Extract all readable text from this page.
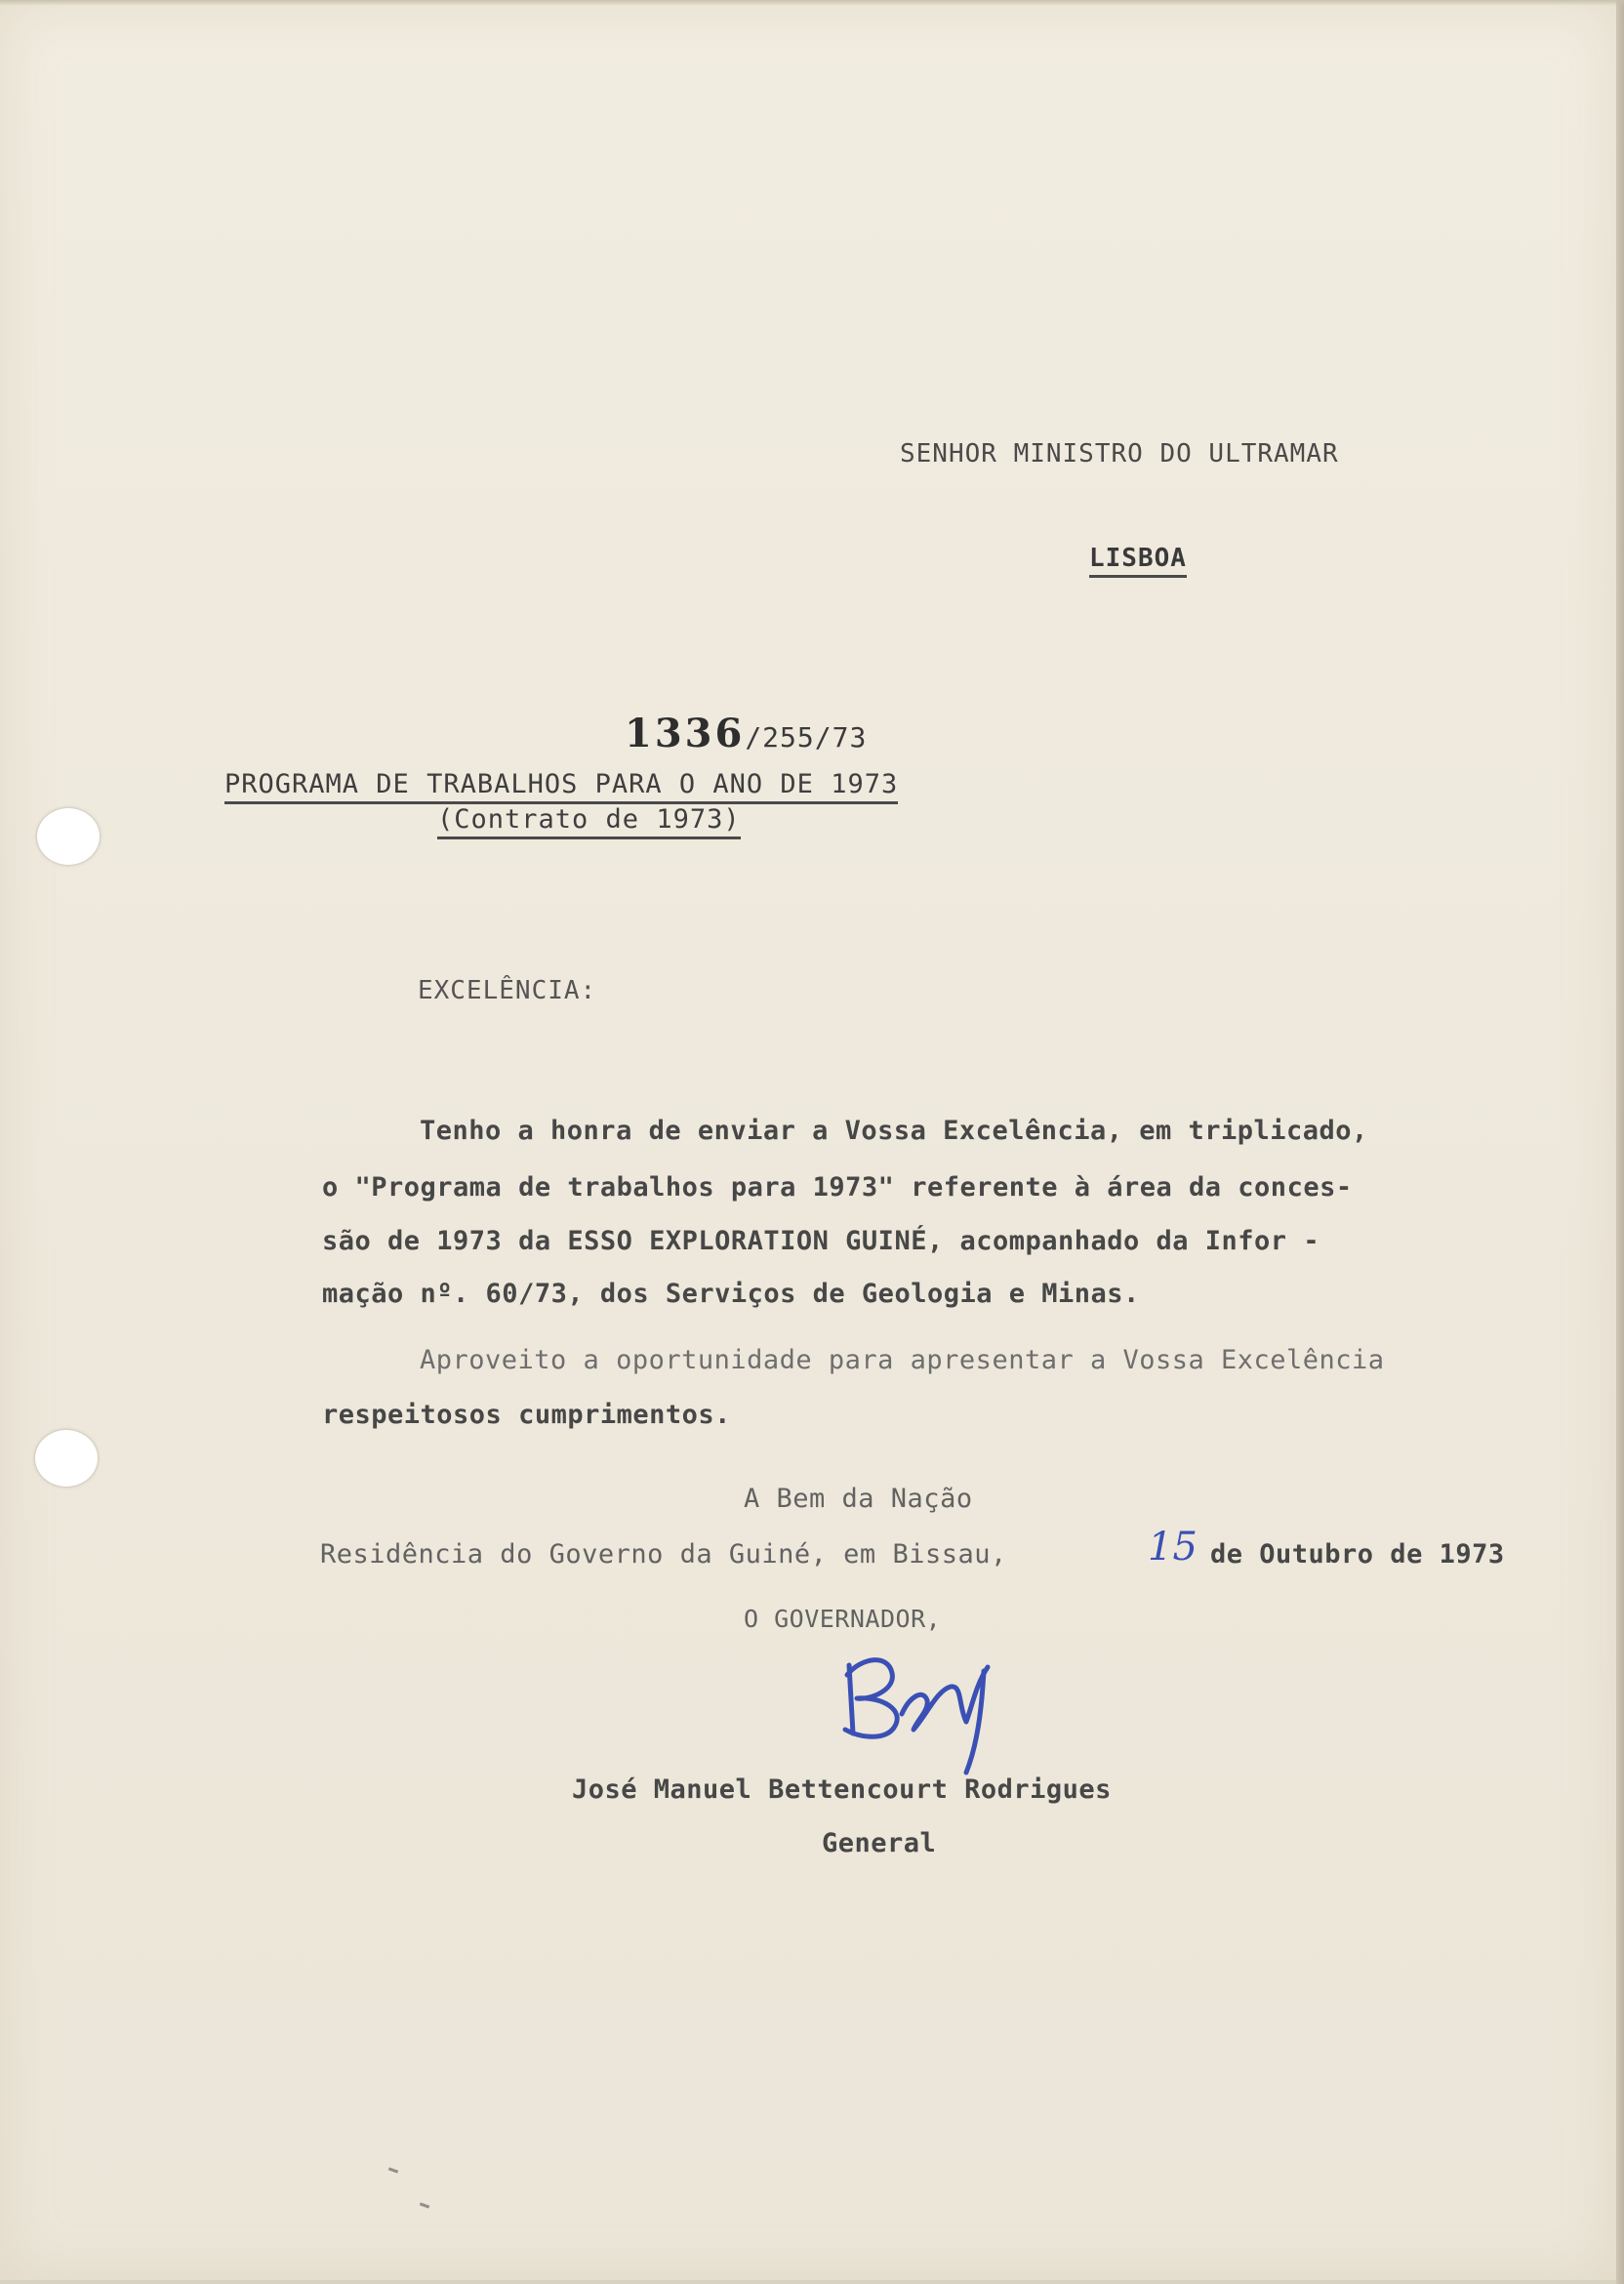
SENHOR MINISTRO DO ULTRAMAR
LISBOA
1336/255/73
PROGRAMA DE TRABALHOS PARA O ANO DE 1973
(Contrato de 1973)
EXCELÊNCIA:
Tenho a honra de enviar a Vossa Excelência, em triplicado,
o "Programa de trabalhos para 1973" referente à área da conces-
são de 1973 da ESSO EXPLORATION GUINÉ, acompanhado da Infor -
mação nº. 60/73, dos Serviços de Geologia e Minas.
Aproveito a oportunidade para apresentar a Vossa Excelência
respeitosos cumprimentos.
A Bem da Nação
Residência do Governo da Guiné, em Bissau,	15 de Outubro de 1973
O GOVERNADOR,
José Manuel Bettencourt Rodrigues
General
